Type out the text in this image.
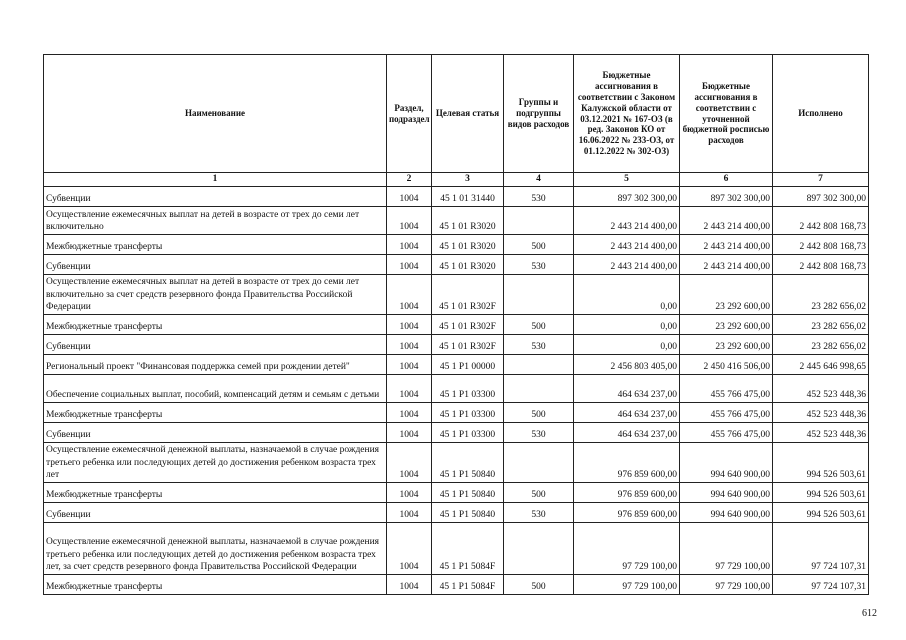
Наименование	Раздел, подраздел	Целевая статья	Группы и подгруппы видов расходов	Бюджетные ассигнования в соответствии с Законом Калужской области от 03.12.2021 № 167-ОЗ (в ред. Законов КО от 16.06.2022 № 233-ОЗ, от 01.12.2022 № 302-ОЗ)	Бюджетные ассигнования в соответствии с уточненной бюджетной росписью расходов	Исполнено
1	2	3	4	5	6	7
Субвенции	1004	45 1 01 31440	530	897 302 300,00	897 302 300,00	897 302 300,00
Осуществление ежемесячных выплат на детей в возрасте от трех до семи лет включительно	1004	45 1 01 R3020		2 443 214 400,00	2 443 214 400,00	2 442 808 168,73
Межбюджетные трансферты	1004	45 1 01 R3020	500	2 443 214 400,00	2 443 214 400,00	2 442 808 168,73
Субвенции	1004	45 1 01 R3020	530	2 443 214 400,00	2 443 214 400,00	2 442 808 168,73
Осуществление ежемесячных выплат на детей в возрасте от трех до семи лет включительно за счет средств резервного фонда Правительства Российской Федерации	1004	45 1 01 R302F		0,00	23 292 600,00	23 282 656,02
Межбюджетные трансферты	1004	45 1 01 R302F	500	0,00	23 292 600,00	23 282 656,02
Субвенции	1004	45 1 01 R302F	530	0,00	23 292 600,00	23 282 656,02
Региональный проект "Финансовая поддержка семей при рождении детей"	1004	45 1 P1 00000		2 456 803 405,00	2 450 416 506,00	2 445 646 998,65
Обеспечение социальных выплат, пособий, компенсаций детям и семьям с детьми	1004	45 1 P1 03300		464 634 237,00	455 766 475,00	452 523 448,36
Межбюджетные трансферты	1004	45 1 P1 03300	500	464 634 237,00	455 766 475,00	452 523 448,36
Субвенции	1004	45 1 P1 03300	530	464 634 237,00	455 766 475,00	452 523 448,36
Осуществление ежемесячной денежной выплаты, назначаемой в случае рождения третьего ребенка или последующих детей до достижения ребенком возраста трех лет	1004	45 1 P1 50840		976 859 600,00	994 640 900,00	994 526 503,61
Межбюджетные трансферты	1004	45 1 P1 50840	500	976 859 600,00	994 640 900,00	994 526 503,61
Субвенции	1004	45 1 P1 50840	530	976 859 600,00	994 640 900,00	994 526 503,61
Осуществление ежемесячной денежной выплаты, назначаемой в случае рождения третьего ребенка или последующих детей до достижения ребенком возраста трех лет, за счет средств резервного фонда Правительства Российской Федерации	1004	45 1 P1 5084F		97 729 100,00	97 729 100,00	97 724 107,31
Межбюджетные трансферты	1004	45 1 P1 5084F	500	97 729 100,00	97 729 100,00	97 724 107,31
612
